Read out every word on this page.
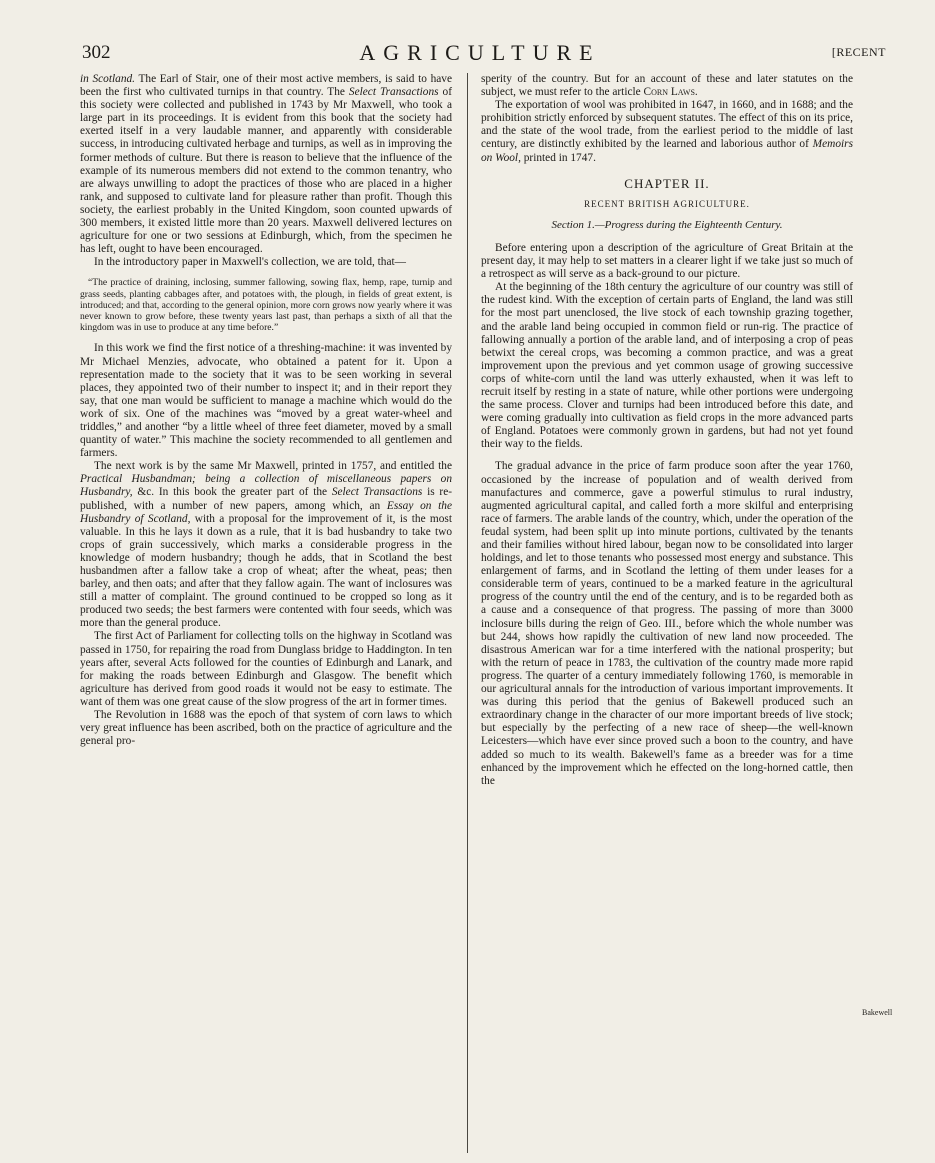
302	AGRICULTURE	[RECENT

in Scotland. The Earl of Stair, one of their most active members, is said to have been the first who cultivated turnips in that country. The Select Transactions of this society were collected and published in 1743 by Mr Maxwell, who took a large part in its proceedings. It is evident from this book that the society had exerted itself in a very laudable manner, and apparently with considerable success, in introducing cultivated herbage and turnips, as well as in improving the former methods of culture. But there is reason to believe that the influence of the example of its numerous members did not extend to the common tenantry, who are always unwilling to adopt the practices of those who are placed in a higher rank, and supposed to cultivate land for pleasure rather than profit. Though this society, the earliest probably in the United Kingdom, soon counted upwards of 300 members, it existed little more than 20 years. Maxwell delivered lectures on agriculture for one or two sessions at Edinburgh, which, from the specimen he has left, ought to have been encouraged.

In the introductory paper in Maxwell's collection, we are told, that—

“The practice of draining, inclosing, summer fallowing, sowing flax, hemp, rape, turnip and grass seeds, planting cabbages after, and potatoes with, the plough, in fields of great extent, is introduced; and that, according to the general opinion, more corn grows now yearly where it was never known to grow before, these twenty years last past, than perhaps a sixth of all that the kingdom was in use to produce at any time before.”

In this work we find the first notice of a threshing-machine: it was invented by Mr Michael Menzies, advocate, who obtained a patent for it. Upon a representation made to the society that it was to be seen working in several places, they appointed two of their number to inspect it; and in their report they say, that one man would be sufficient to manage a machine which would do the work of six. One of the machines was “moved by a great water-wheel and triddles,” and another “by a little wheel of three feet diameter, moved by a small quantity of water.” This machine the society recommended to all gentlemen and farmers.

The next work is by the same Mr Maxwell, printed in 1757, and entitled the Practical Husbandman; being a collection of miscellaneous papers on Husbandry, &c. In this book the greater part of the Select Transactions is re-published, with a number of new papers, among which, an Essay on the Husbandry of Scotland, with a proposal for the improvement of it, is the most valuable. In this he lays it down as a rule, that it is bad husbandry to take two crops of grain successively, which marks a considerable progress in the knowledge of modern husbandry; though he adds, that in Scotland the best husbandmen after a fallow take a crop of wheat; after the wheat, peas; then barley, and then oats; and after that they fallow again. The want of inclosures was still a matter of complaint. The ground continued to be cropped so long as it produced two seeds; the best farmers were contented with four seeds, which was more than the general produce.

The first Act of Parliament for collecting tolls on the highway in Scotland was passed in 1750, for repairing the road from Dunglass bridge to Haddington. In ten years after, several Acts followed for the counties of Edinburgh and Lanark, and for making the roads between Edinburgh and Glasgow. The benefit which agriculture has derived from good roads it would not be easy to estimate. The want of them was one great cause of the slow progress of the art in former times.

The Revolution in 1688 was the epoch of that system of corn laws to which very great influence has been ascribed, both on the practice of agriculture and the general pro-

sperity of the country. But for an account of these and later statutes on the subject, we must refer to the article Corn Laws.

The exportation of wool was prohibited in 1647, in 1660, and in 1688; and the prohibition strictly enforced by subsequent statutes. The effect of this on its price, and the state of the wool trade, from the earliest period to the middle of last century, are distinctly exhibited by the learned and laborious author of Memoirs on Wool, printed in 1747.

CHAPTER II.

RECENT BRITISH AGRICULTURE.

Section 1.—Progress during the Eighteenth Century.

Before entering upon a description of the agriculture of Great Britain at the present day, it may help to set matters in a clearer light if we take just so much of a retrospect as will serve as a back-ground to our picture.

At the beginning of the 18th century the agriculture of our country was still of the rudest kind. With the exception of certain parts of England, the land was still for the most part unenclosed, the live stock of each township grazing together, and the arable land being occupied in common field or run-rig. The practice of fallowing annually a portion of the arable land, and of interposing a crop of peas betwixt the cereal crops, was becoming a common practice, and was a great improvement upon the previous and yet common usage of growing successive corps of white-corn until the land was utterly exhausted, when it was left to recruit itself by resting in a state of nature, while other portions were undergoing the same process. Clover and turnips had been introduced before this date, and were coming gradually into cultivation as field crops in the more advanced parts of England. Potatoes were commonly grown in gardens, but had not yet found their way to the fields.

The gradual advance in the price of farm produce soon after the year 1760, occasioned by the increase of population and of wealth derived from manufactures and commerce, gave a powerful stimulus to rural industry, augmented agricultural capital, and called forth a more skilful and enterprising race of farmers. The arable lands of the country, which, under the operation of the feudal system, had been split up into minute portions, cultivated by the tenants and their families without hired labour, began now to be consolidated into larger holdings, and let to those tenants who possessed most energy and substance. This enlargement of farms, and in Scotland the letting of them under leases for a considerable term of years, continued to be a marked feature in the agricultural progress of the country until the end of the century, and is to be regarded both as a cause and a consequence of that progress. The passing of more than 3000 inclosure bills during the reign of Geo. III., before which the whole number was but 244, shows how rapidly the cultivation of new land now proceeded. The disastrous American war for a time interfered with the national prosperity; but with the return of peace in 1783, the cultivation of the country made more rapid progress. The quarter of a century immediately following 1760, is memorable in our agricultural annals for the introduction of various important improvements. It was during this period that the genius of Bakewell produced such an extraordinary change in the character of our more important breeds of live stock; but especially by the perfecting of a new race of sheep—the well-known Leicesters—which have ever since proved such a boon to the country, and have added so much to its wealth. Bakewell's fame as a breeder was for a time enhanced by the improvement which he effected on the long-horned cattle, then the

Bakewell
